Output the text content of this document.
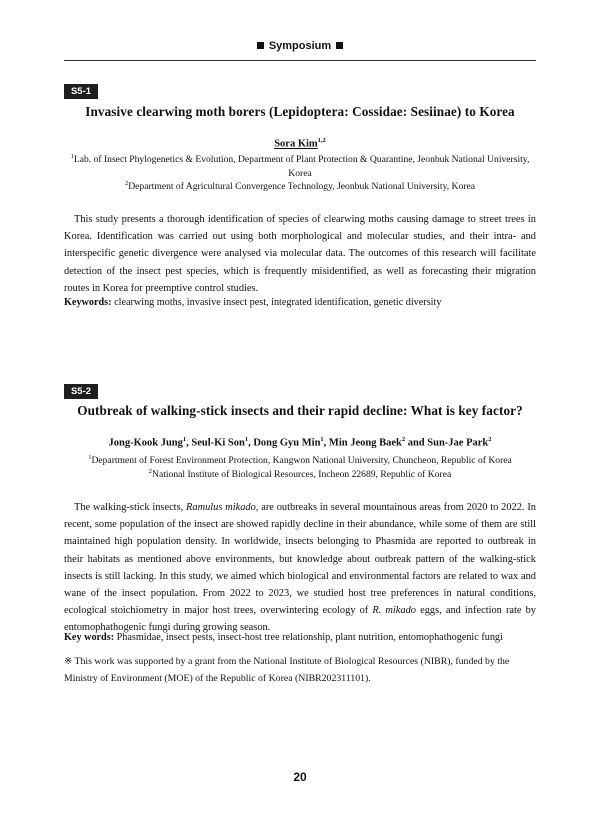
Symposium
S5-1
Invasive clearwing moth borers (Lepidoptera: Cossidae: Sesiinae) to Korea
Sora Kim$^{1,2}$
$^1$Lab. of Insect Phylogenetics & Evolution, Department of Plant Protection & Quarantine, Jeonbuk National University, Korea
$^2$Department of Agricultural Convergence Technology, Jeonbuk National University, Korea
This study presents a thorough identification of species of clearwing moths causing damage to street trees in Korea. Identification was carried out using both morphological and molecular studies, and their intra- and interspecific genetic divergence were analysed via molecular data. The outcomes of this research will facilitate detection of the insect pest species, which is frequently misidentified, as well as forecasting their migration routes in Korea for preemptive control studies.
Keywords: clearwing moths, invasive insect pest, integrated identification, genetic diversity
S5-2
Outbreak of walking-stick insects and their rapid decline: What is key factor?
Jong-Kook Jung$^1$, Seul-Ki Son$^1$, Dong Gyu Min$^1$, Min Jeong Baek$^2$ and Sun-Jae Park$^2$
$^1$Department of Forest Environment Protection, Kangwon National University, Chuncheon, Republic of Korea
$^2$National Institute of Biological Resources, Incheon 22689, Republic of Korea
The walking-stick insects, Ramulus mikado, are outbreaks in several mountainous areas from 2020 to 2022. In recent, some population of the insect are showed rapidly decline in their abundance, while some of them are still maintained high population density. In worldwide, insects belonging to Phasmida are reported to outbreak in their habitats as mentioned above environments, but knowledge about outbreak pattern of the walking-stick insects is still lacking. In this study, we aimed which biological and environmental factors are related to wax and wane of the insect population. From 2022 to 2023, we studied host tree preferences in natural conditions, ecological stoichiometry in major host trees, overwintering ecology of R. mikado eggs, and infection rate by entomophathogenic fungi during growing season.
Key words: Phasmidae, insect pests, insect-host tree relationship, plant nutrition, entomophathogenic fungi
※ This work was supported by a grant from the National Institute of Biological Resources (NIBR), funded by the Ministry of Environment (MOE) of the Republic of Korea (NIBR202311101).
20
